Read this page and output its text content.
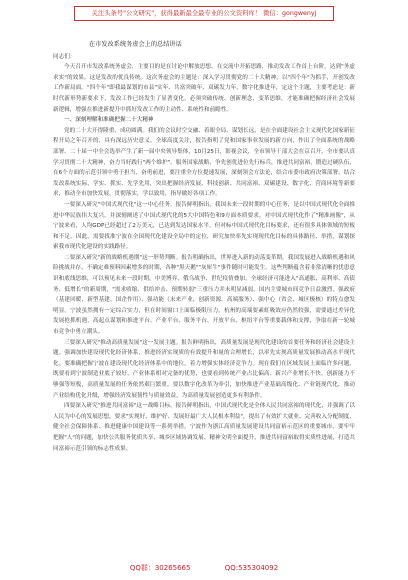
关注头条号"公文研究"，获得最新最全最专业的公文资料库！ 微信：gongwenyj
在市发改系统务虚会上的总结讲话

同志们：

今天召开市发改系统务虚会，主要目的是在讨论中解放思想、在交流中开拓思路，推动发改工作首上台阶，达到"务虚求实"的效果。这是发改的优良传统。这次务虚会的主题是：深入学习贯彻党的二十大精神，以"四个年"为抓手，开创发改工作新局面。"四个年"即我最谋划的市县"实年、共富突破年、双碳发力年、数字化推进年，定这个主题，主要考虑是：新时代新形势新要求下，发改工作已经发生了显著变化，必须突破传统、创新理念、变革思维，才能准确把握经济社会发展新逻辑，增强在推进新提升中抓好发改工作的主动性、系统性和前瞻性。

一、深刻理解和准确把握二十大精神

党的二十大开得隆重、成功圆满。我们的会议时空交融、着眼全局、谋划长远，是在全面建设社会主义现代化国家新征程开局之年召开的，具有深远历史意义。全球高度关注，报告指明了党和国家事业发展的新方向，作出了全面系统的战略部署。二十届一中全会选举产生了新一届中央领导集体，10月25日，影视会议，全市领导干部大会在京召开，全市要认真学习贯彻二十大精神，奋力当好践行"两个维护"、服务国家战略、争先创优进位先行标兵，推进共同富裕，锻造过硬队伍，在6个方面的示范引领中勇于担当、奋勇前进，要注重全方位提速发展，深刻领会方法论，结合市委市政府决策部署，结合发改系统实际，学实、抓实、先学先用，突出把握经济发展、科技创新、共同富裕、双碳建设、数字化、营商环境等新要求，推动全市加快发展，贯彻落实，学以致用，指导做好各项工作。

一要深入研究"中国式现代化"这一中心任务。报告鲜明指出，我国未来一段时期的中心任务，是以中国式现代化全面推进中华民族伟大复兴。并深刻阐述了中国式现代化的5大中国特色和9方面本质要求，对中国式现代化作了"精准画像"，从宁波来看，人均GDP已经超过了2万美元，已达到发达国家水平，但对标中国式现代化目标要求，还有很多具体领域的短板和不足。因此，需要找准宁波在全国现代化建设全局中的定位，研究加快率先实现现代化目标的具体路径、举措，谋划探索我市现代化建设的实践路径。

二要深入研究"新的战略机遇期"这一形势判断。报告明确指出，世界进入新的动荡变革期，我国发展进入战略机遇和风险挑战并存、不确定难预料因素增多的时期，各种"黑天鹅""灰犀牛"事件随时可能发生。这些判断蕴含着非常清晰的忧患意识和底线思维，可以预见未来一段时期，中美博弈、俄乌战争、世纪疫情叠加，全球经济可能进入"高通胀、高利率、高债务、低增长"的新周期，"需求收缩、供给冲击、预期转弱"三重压力并未明显减弱。国内主要城市间竞争日益激烈，强政府（基建回暖、新型基建、国企作用）、强功能（未来产业、创新资源、高端服务）、强中心（省会、城区极核）的特点愈发明显。宁波虽然拥有一定综合实力，但在时间窗口上面临极限压力，杭州的高端要素虹吸效应仍然较强，需要通过差异化发展抢抓机遇，高起点谋划和推进平台、产业平台、服务平台、开放平台、枢纽平台等重要载体和支撑，争取在新一轮城市竞争中勇立潮头。

三要深入研究"推动高质量发展"这一发展主题。报告鲜明指出，高质量发展是现代化建设的首要任务和经济社会建设主题。强调加快建设现代化经济体系，推进经济实现质的有效提升和量的合理增长，以率先实现高质量发展推动高水平现代化。要准确把握宁波在建设现代化经济体系中的地位，着力增强实体经济竞争力。现在我们在区域发展上面临许多问题，既要看到宁波制造业底子较好、产业体系相对完备的优势，也要看到传统产业占比偏高、新兴产业增长不快、创新能力不够强等短板，高质量发展的任务依然艰巨繁重。要以数字化改革为牵引，加快推进产业基础高级化、产业链现代化，推动产业结构优化升级，增强经济发展韧性与质量效益，为高质量发展创造更多有利条件。

四要深入研究"推进共同富裕"这一战略目标。报告鲜明指出，中国式现代化是全体人民共同富裕的现代化，并强调了以人民为中心的发展思想，要求"实现好、维护好、发展好最广大人民根本利益"，提出了有效扩大就业、完善收入分配制度、健全社会保障体系、推进健康中国建设等一系列举措。宁波作为浙江高质量发展建设共同富裕示范区的重要城市，要牢牢把握"人"的问题，加快公共服务优质共享、城乡区域协调发展、精神文明全面提升，推进共同富裕取得实质性进展，打造共同富裕示范引领的标志性成果。

QQ群：30265665	QQ:535304092
